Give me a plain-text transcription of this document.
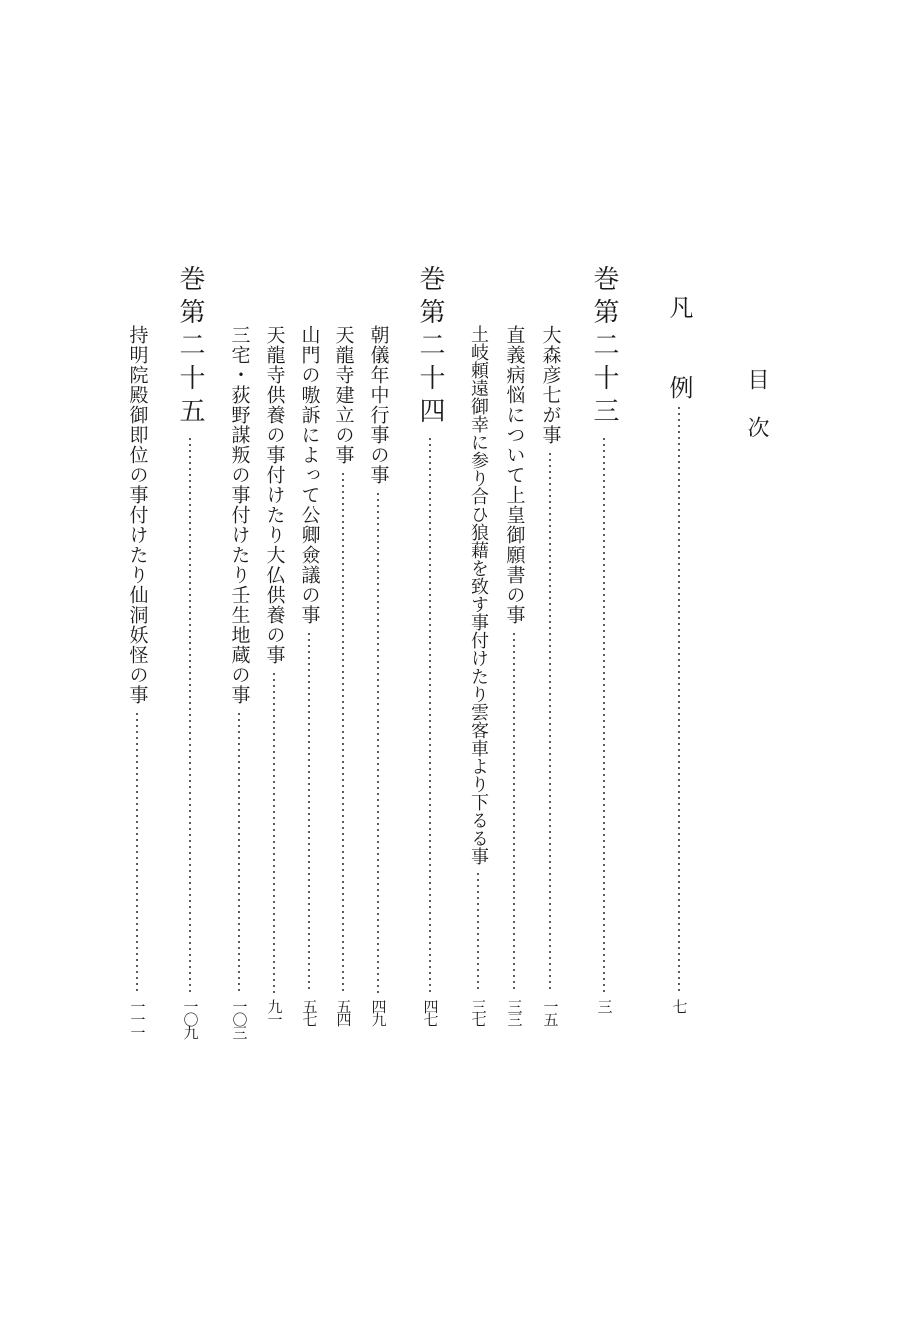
目次
凡
例
七
巻第二十三
三
大森彦七が事
一五
直義病悩について上皇御願書の事
三三
土岐頼遠御幸に参り合ひ狼藉を致す事付けたり雲客車より下るる事
三七
巻第二十四
四七
朝儀年中行事の事
四九
天龍寺建立の事
五四
山門の嗷訴によって公卿僉議の事
五七
天龍寺供養の事付けたり大仏供養の事
九一
三宅・荻野謀叛の事付けたり壬生地蔵の事
一〇三
巻第二十五
一〇九
持明院殿御即位の事付けたり仙洞妖怪の事
一一一
